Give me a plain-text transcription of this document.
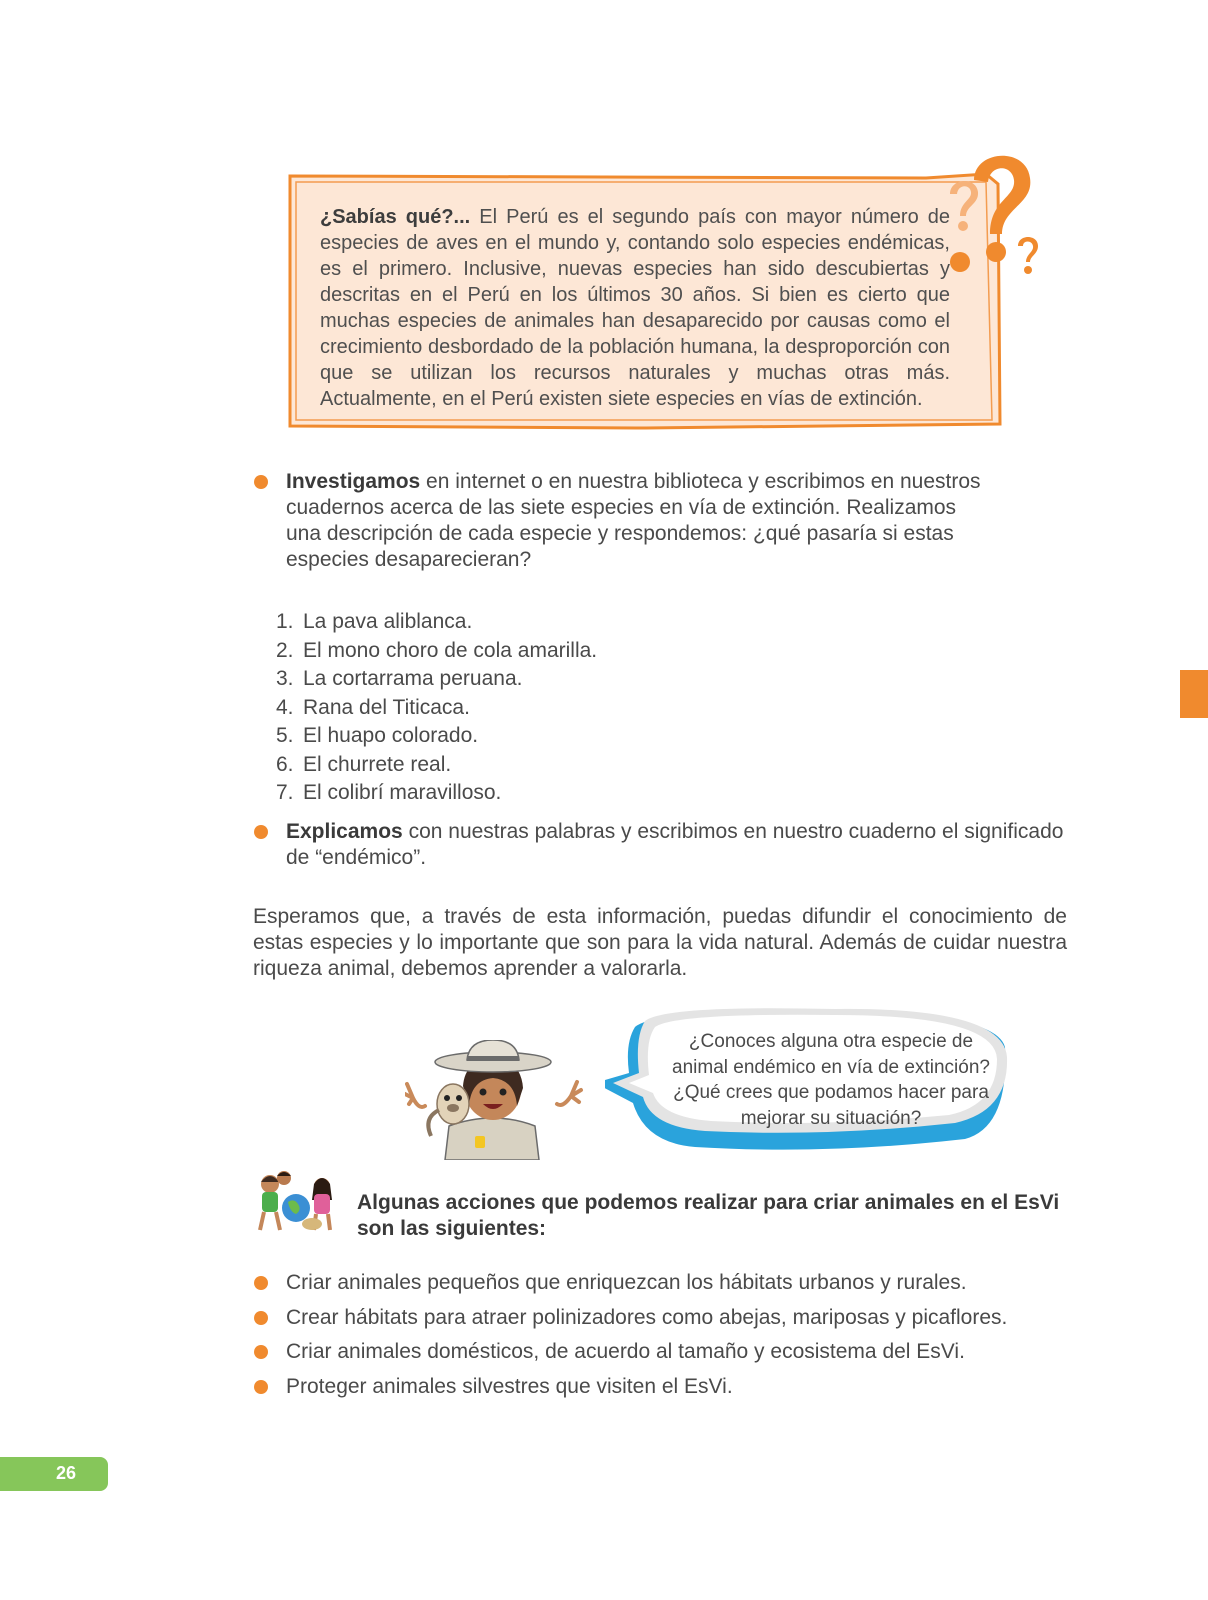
¿Sabías qué?... El Perú es el segundo país con mayor número de especies de aves en el mundo y, contando solo especies endémicas, es el primero. Inclusive, nuevas especies han sido descubiertas y descritas en el Perú en los últimos 30 años. Si bien es cierto que muchas especies de animales han desaparecido por causas como el crecimiento desbordado de la población humana, la desproporción con que se utilizan los recursos naturales y muchas otras más. Actualmente, en el Perú existen siete especies en vías de extinción.
Investigamos en internet o en nuestra biblioteca y escribimos en nuestros cuadernos acerca de las siete especies en vía de extinción. Realizamos una descripción de cada especie y respondemos: ¿qué pasaría si estas especies desaparecieran?
1. La pava aliblanca.
2. El mono choro de cola amarilla.
3. La cortarrama peruana.
4. Rana del Titicaca.
5. El huapo colorado.
6. El churrete real.
7. El colibrí maravilloso.
Explicamos con nuestras palabras y escribimos en nuestro cuaderno el significado de “endémico”.
Esperamos que, a través de esta información, puedas difundir el conocimiento de estas especies y lo importante que son para la vida natural. Además de cuidar nuestra riqueza animal, debemos aprender a valorarla.
¿Conoces alguna otra especie de animal endémico en vía de extinción? ¿Qué crees que podamos hacer para mejorar su situación?
Algunas acciones que podemos realizar para criar animales en el EsVi son las siguientes:
Criar animales pequeños que enriquezcan los hábitats urbanos y rurales.
Crear hábitats para atraer polinizadores como abejas, mariposas y picaflores.
Criar animales domésticos, de acuerdo al tamaño y ecosistema del EsVi.
Proteger animales silvestres que visiten el EsVi.
26
